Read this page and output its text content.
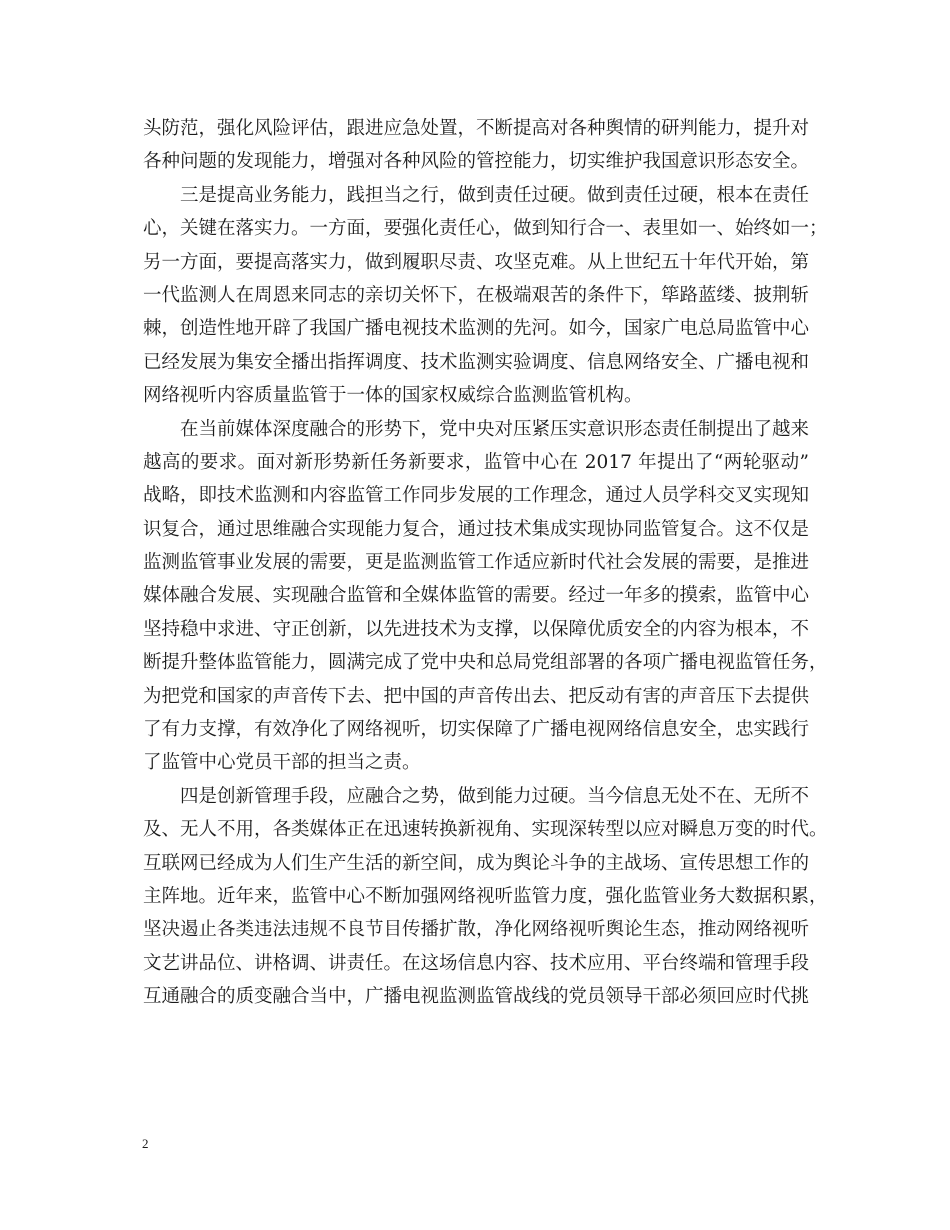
头防范，强化风险评估，跟进应急处置，不断提高对各种舆情的研判能力，提升对
各种问题的发现能力，增强对各种风险的管控能力，切实维护我国意识形态安全。
三是提高业务能力，践担当之行，做到责任过硬。做到责任过硬，根本在责任
心，关键在落实力。一方面，要强化责任心，做到知行合一、表里如一、始终如一；
另一方面，要提高落实力，做到履职尽责、攻坚克难。从上世纪五十年代开始，第
一代监测人在周恩来同志的亲切关怀下，在极端艰苦的条件下，筚路蓝缕、披荆斩
棘，创造性地开辟了我国广播电视技术监测的先河。如今，国家广电总局监管中心
已经发展为集安全播出指挥调度、技术监测实验调度、信息网络安全、广播电视和
网络视听内容质量监管于一体的国家权威综合监测监管机构。
在当前媒体深度融合的形势下，党中央对压紧压实意识形态责任制提出了越来
越高的要求。面对新形势新任务新要求，监管中心在 2017 年提出了“两轮驱动”
战略，即技术监测和内容监管工作同步发展的工作理念，通过人员学科交叉实现知
识复合，通过思维融合实现能力复合，通过技术集成实现协同监管复合。这不仅是
监测监管事业发展的需要，更是监测监管工作适应新时代社会发展的需要，是推进
媒体融合发展、实现融合监管和全媒体监管的需要。经过一年多的摸索，监管中心
坚持稳中求进、守正创新，以先进技术为支撑，以保障优质安全的内容为根本，不
断提升整体监管能力，圆满完成了党中央和总局党组部署的各项广播电视监管任务，
为把党和国家的声音传下去、把中国的声音传出去、把反动有害的声音压下去提供
了有力支撑，有效净化了网络视听，切实保障了广播电视网络信息安全，忠实践行
了监管中心党员干部的担当之责。
四是创新管理手段，应融合之势，做到能力过硬。当今信息无处不在、无所不
及、无人不用，各类媒体正在迅速转换新视角、实现深转型以应对瞬息万变的时代。
互联网已经成为人们生产生活的新空间，成为舆论斗争的主战场、宣传思想工作的
主阵地。近年来，监管中心不断加强网络视听监管力度，强化监管业务大数据积累，
坚决遏止各类违法违规不良节目传播扩散，净化网络视听舆论生态，推动网络视听
文艺讲品位、讲格调、讲责任。在这场信息内容、技术应用、平台终端和管理手段
互通融合的质变融合当中，广播电视监测监管战线的党员领导干部必须回应时代挑
2
